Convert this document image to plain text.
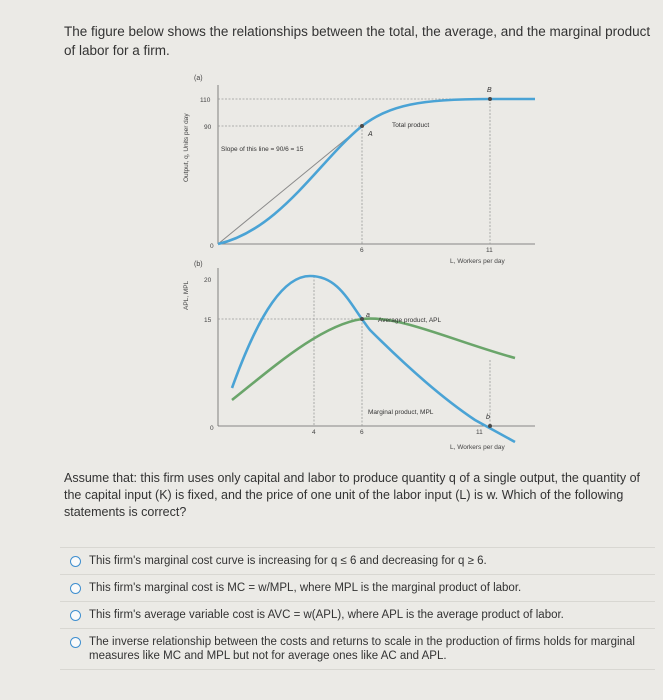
The figure below shows the relationships between the total, the average, and the marginal product of labor for a firm.
(a)
Output, q, Units per day
110
90
0
A
B
Total product
Slope of this line = 90/6 = 15
6	11
L, Workers per day
(b)
APL, MPL
20
15
0
a
b
Average product, APL
Marginal product, MPL
4	6	11
L, Workers per day
Assume that: this firm uses only capital and labor to produce quantity q of a single output, the quantity of the capital input (K) is fixed, and the price of one unit of the labor input (L) is w. Which of the following statements is correct?
This firm's marginal cost curve is increasing for q ≤ 6 and decreasing for q ≥ 6.
This firm's marginal cost is MC = w/MPL, where MPL is the marginal product of labor.
This firm's average variable cost is AVC = w(APL), where APL is the average product of labor.
The inverse relationship between the costs and returns to scale in the production of firms holds for marginal measures like MC and MPL but not for average ones like AC and APL.
